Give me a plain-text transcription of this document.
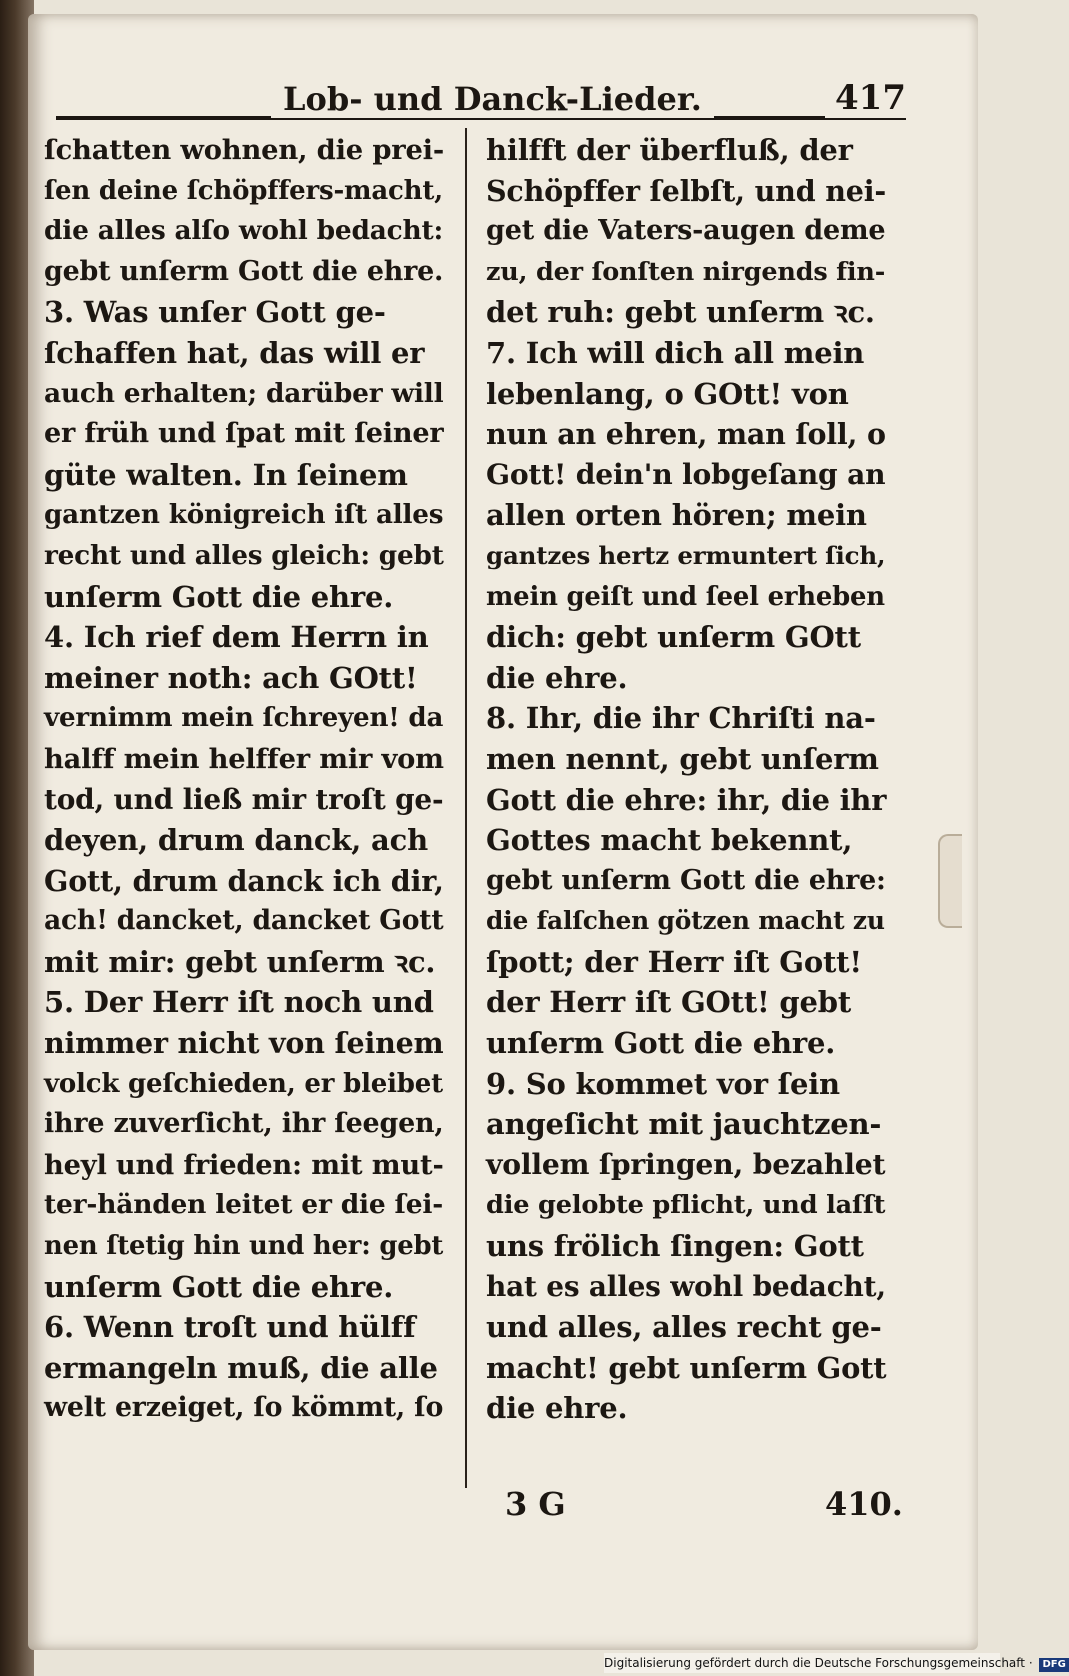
Lob- und Danck-Lieder.	417
ſchatten wohnen, die prei-
ſen deine ſchöpffers-macht,
die alles alſo wohl bedacht:
gebt unſerm Gott die ehre.
3. Was unſer Gott ge-
ſchaffen hat, das will er
auch erhalten; darüber will
er früh und ſpat mit ſeiner
güte walten. In ſeinem
gantzen königreich iſt alles
recht und alles gleich: gebt
unſerm Gott die ehre.
4. Ich rief dem Herrn in
meiner noth: ach GOtt!
vernimm mein ſchreyen! da
halff mein helffer mir vom
tod, und ließ mir troſt ge-
deyen, drum danck, ach
Gott, drum danck ich dir,
ach! dancket, dancket Gott
mit mir: gebt unſerm ꝛc.
5. Der Herr iſt noch und
nimmer nicht von ſeinem
volck geſchieden, er bleibet
ihre zuverſicht, ihr ſeegen,
heyl und frieden: mit mut-
ter-händen leitet er die ſei-
nen ſtetig hin und her: gebt
unſerm Gott die ehre.
6. Wenn troſt und hülff
ermangeln muß, die alle
welt erzeiget, ſo kömmt, ſo
hilfft der überfluß, der
Schöpffer ſelbſt, und nei-
get die Vaters-augen deme
zu, der ſonſten nirgends fin-
det ruh: gebt unſerm ꝛc.
7. Ich will dich all mein
lebenlang, o GOtt! von
nun an ehren, man ſoll, o
Gott! dein'n lobgeſang an
allen orten hören; mein
gantzes hertz ermuntert ſich,
mein geiſt und ſeel erheben
dich: gebt unſerm GOtt
die ehre.
8. Ihr, die ihr Chriſti na-
men nennt, gebt unſerm
Gott die ehre: ihr, die ihr
Gottes macht bekennt,
gebt unſerm Gott die ehre:
die falſchen götzen macht zu
ſpott; der Herr iſt Gott!
der Herr iſt GOtt! gebt
unſerm Gott die ehre.
9. So kommet vor ſein
angeſicht mit jauchtzen-
vollem ſpringen, bezahlet
die gelobte pflicht, und laſſt
uns frölich ſingen: Gott
hat es alles wohl bedacht,
und alles, alles recht ge-
macht! gebt unſerm Gott
die ehre.
3 G	410.
Digitalisierung gefördert durch die Deutsche Forschungsgemeinschaft · DFG
